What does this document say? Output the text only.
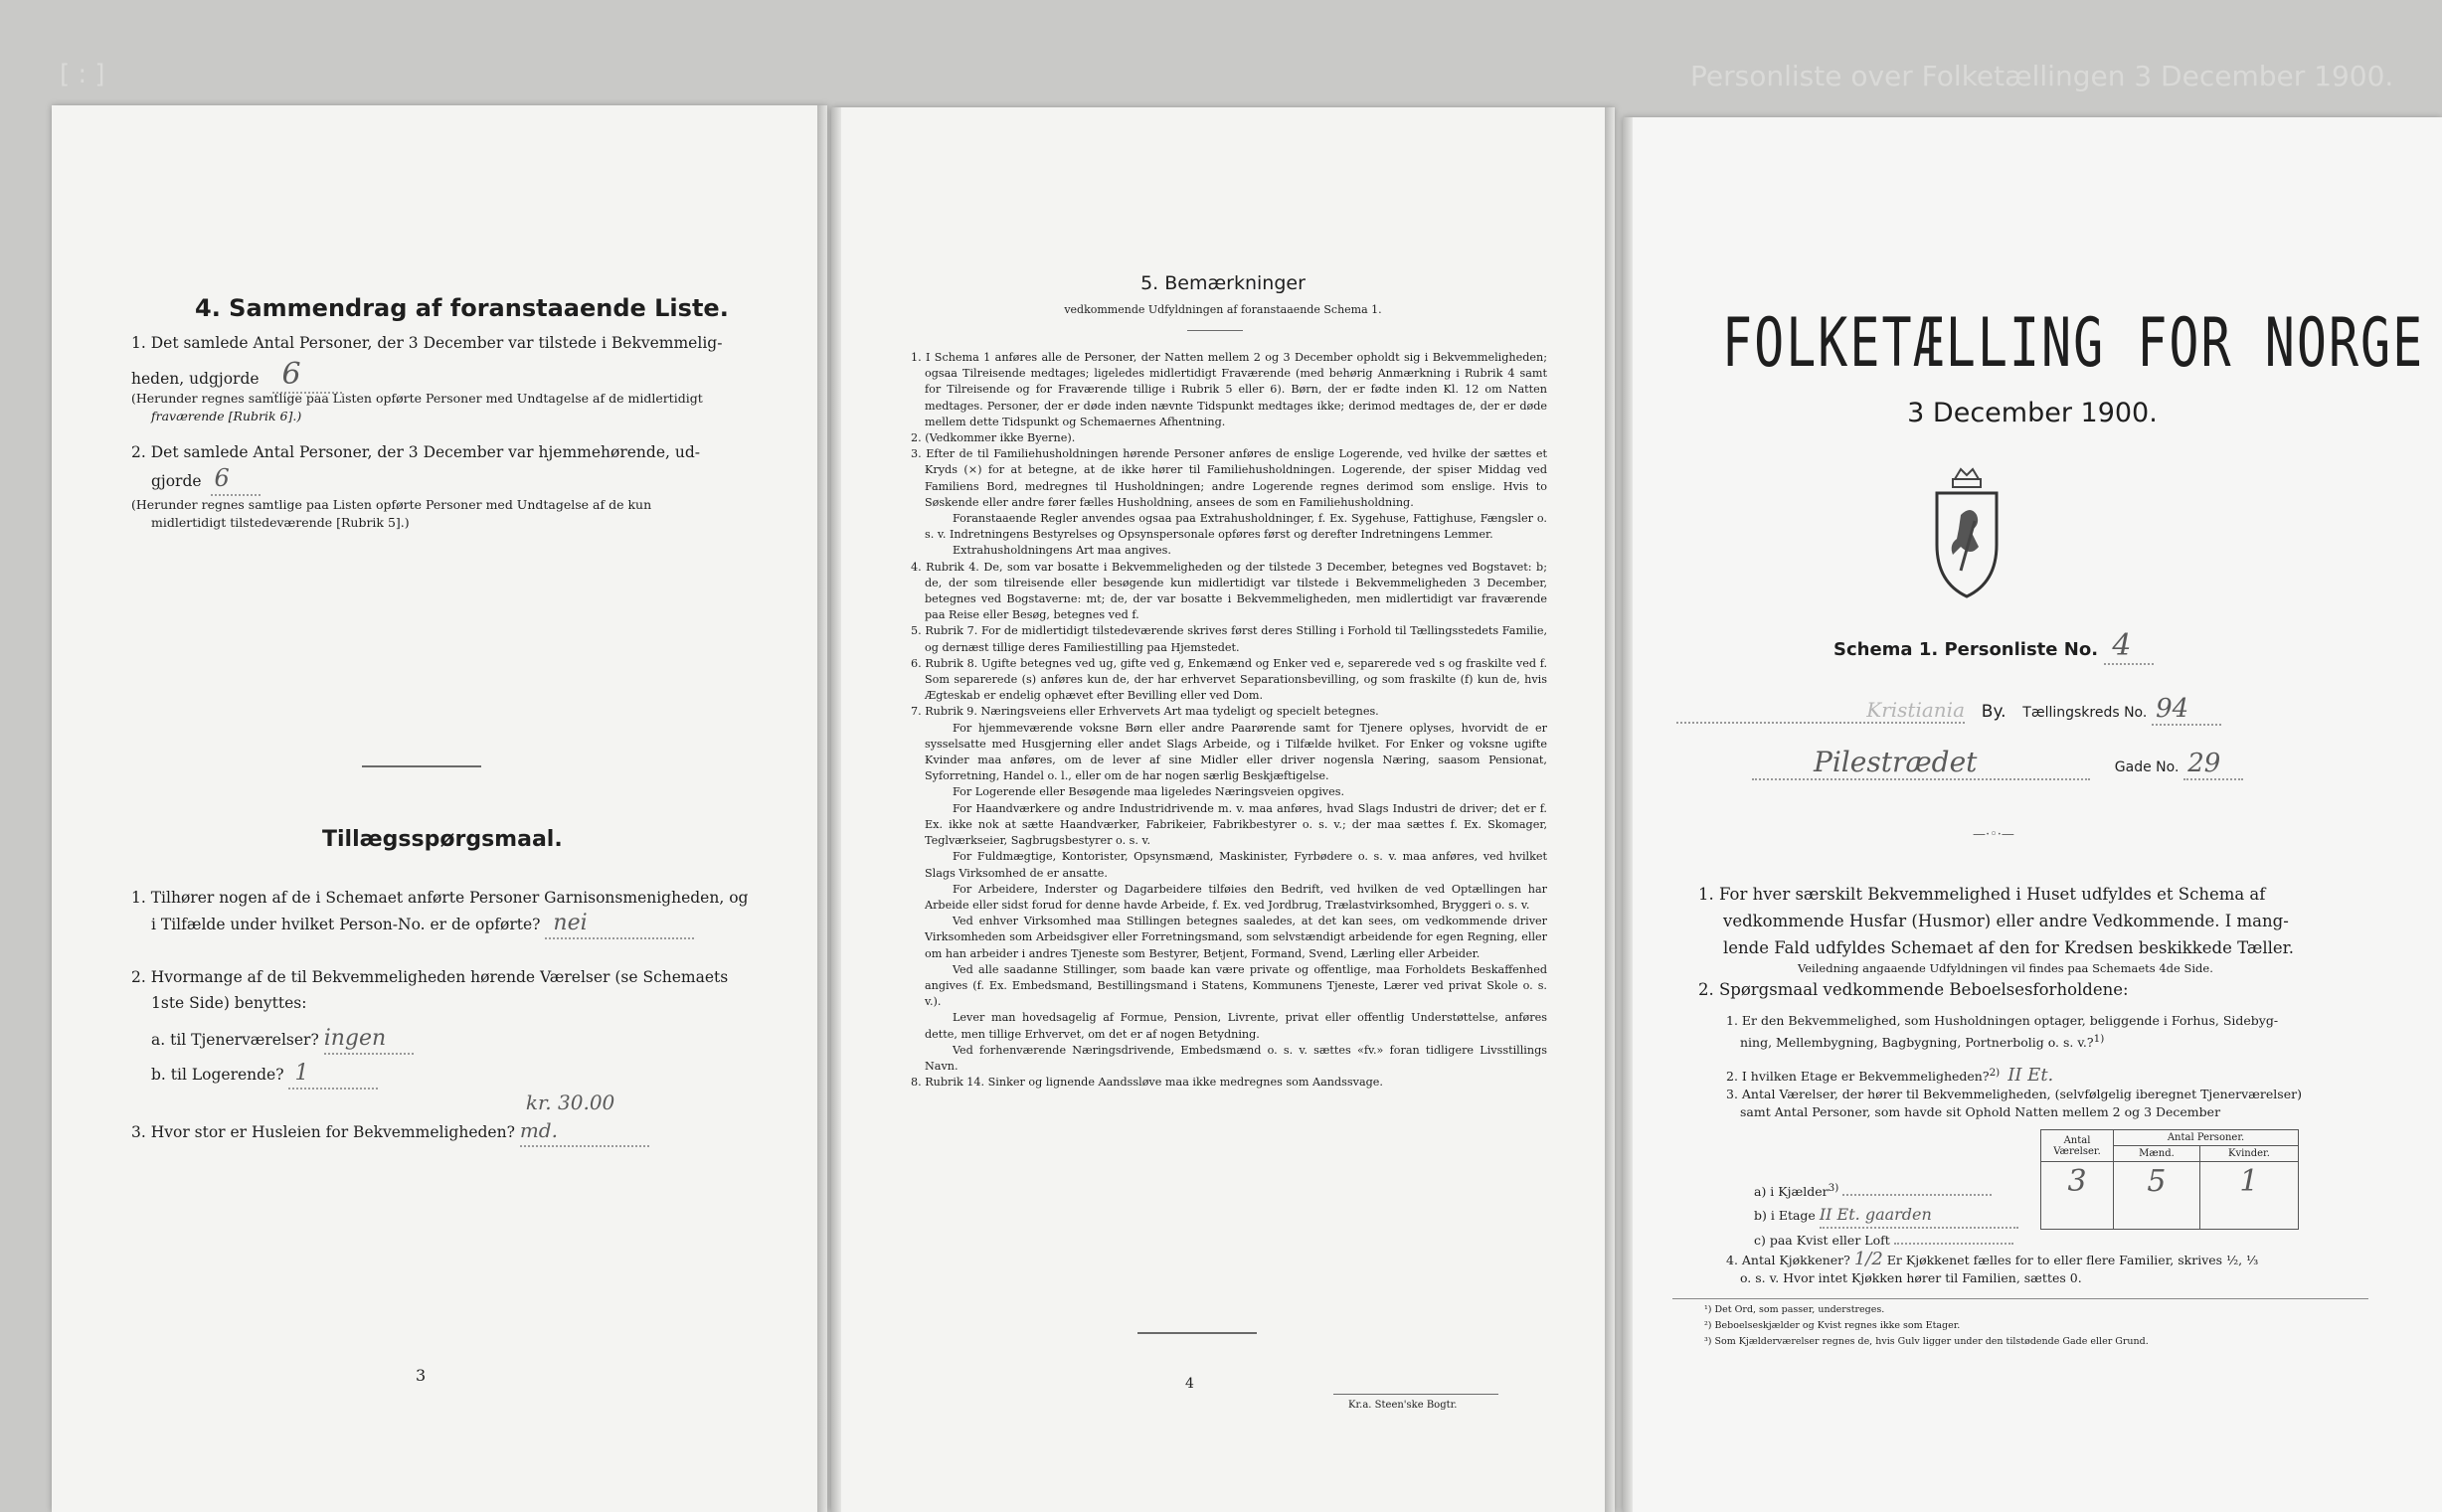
[ : ]	Personliste over Folketællingen 3 December 1900.
4. Sammendrag af foranstaaende Liste.
1. Det samlede Antal Personer, der 3 December var tilstede i Bekvemmelig-
heden, udgjorde 6
(Herunder regnes samtlige paa Listen opførte Personer med Undtagelse af de midlertidigt
fraværende [Rubrik 6].)
2. Det samlede Antal Personer, der 3 December var hjemmehørende, ud-
gjorde 6
(Herunder regnes samtlige paa Listen opførte Personer med Undtagelse af de kun
midlertidigt tilstedeværende [Rubrik 5].)
Tillægsspørgsmaal.
1. Tilhører nogen af de i Schemaet anførte Personer Garnisonsmenigheden, og
i Tilfælde under hvilket Person-No. er de opførte? nei
2. Hvormange af de til Bekvemmeligheden hørende Værelser (se Schemaets
1ste Side) benyttes:
a. til Tjenerværelser? ingen
b. til Logerende? 1
3. Hvor stor er Husleien for Bekvemmeligheden? kr. 30.00 md.
3
5. Bemærkninger
vedkommende Udfyldningen af foranstaaende Schema 1.

1. I Schema 1 anføres alle de Personer, der Natten mellem 2 og 3 December opholdt sig i Bekvemmeligheden; ogsaa Tilreisende medtages; ligeledes midlertidigt Fraværende (med behørig Anmærkning i Rubrik 4 samt for Tilreisende og for Fraværende tillige i Rubrik 5 eller 6). Børn, der er fødte inden Kl. 12 om Natten medtages. Personer, der er døde inden nævnte Tidspunkt medtages ikke; derimod medtages de, der er døde mellem dette Tidspunkt og Schemaernes Afhentning.

2. (Vedkommer ikke Byerne).

3. Efter de til Familiehusholdningen hørende Personer anføres de enslige Logerende, ved hvilke der sættes et Kryds (×) for at betegne, at de ikke hører til Familiehusholdningen. Logerende, der spiser Middag ved Familiens Bord, medregnes til Husholdningen; andre Logerende regnes derimod som enslige. Hvis to Søskende eller andre fører fælles Husholdning, ansees de som en Familiehusholdning.

Foranstaaende Regler anvendes ogsaa paa Extrahusholdninger, f. Ex. Sygehuse, Fattighuse, Fængsler o. s. v. Indretningens Bestyrelses og Opsynspersonale opføres først og derefter Indretningens Lemmer.

Extrahusholdningens Art maa angives.

4. Rubrik 4. De, som var bosatte i Bekvemmeligheden og der tilstede 3 December, betegnes ved Bogstavet: b; de, der som tilreisende eller besøgende kun midlertidigt var tilstede i Bekvemmeligheden 3 December, betegnes ved Bogstaverne: mt; de, der var bosatte i Bekvemmeligheden, men midlertidigt var fraværende paa Reise eller Besøg, betegnes ved f.

5. Rubrik 7. For de midlertidigt tilstedeværende skrives først deres Stilling i Forhold til Tællingsstedets Familie, og dernæst tillige deres Familiestilling paa Hjemstedet.

6. Rubrik 8. Ugifte betegnes ved ug, gifte ved g, Enkemænd og Enker ved e, separerede ved s og fraskilte ved f. Som separerede (s) anføres kun de, der har erhvervet Separationsbevilling, og som fraskilte (f) kun de, hvis Ægteskab er endelig ophævet efter Bevilling eller ved Dom.

7. Rubrik 9. Næringsveiens eller Erhvervets Art maa tydeligt og specielt betegnes.

For hjemmeværende voksne Børn eller andre Paarørende samt for Tjenere oplyses, hvorvidt de er sysselsatte med Husgjerning eller andet Slags Arbeide, og i Tilfælde hvilket. For Enker og voksne ugifte Kvinder maa anføres, om de lever af sine Midler eller driver nogensla Næring, saasom Pensionat, Syforretning, Handel o. l., eller om de har nogen særlig Beskjæftigelse.

For Logerende eller Besøgende maa ligeledes Næringsveien opgives.

For Haandværkere og andre Industridrivende m. v. maa anføres, hvad Slags Industri de driver; det er f. Ex. ikke nok at sætte Haandværker, Fabrikeier, Fabrikbestyrer o. s. v.; der maa sættes f. Ex. Skomager, Teglværkseier, Sagbrugsbestyrer o. s. v.

For Fuldmægtige, Kontorister, Opsynsmænd, Maskinister, Fyrbødere o. s. v. maa anføres, ved hvilket Slags Virksomhed de er ansatte.

For Arbeidere, Inderster og Dagarbeidere tilføies den Bedrift, ved hvilken de ved Optællingen har Arbeide eller sidst forud for denne havde Arbeide, f. Ex. ved Jordbrug, Trælastvirksomhed, Bryggeri o. s. v.

Ved enhver Virksomhed maa Stillingen betegnes saaledes, at det kan sees, om vedkommende driver Virksomheden som Arbeidsgiver eller Forretningsmand, som selvstændigt arbeidende for egen Regning, eller om han arbeider i andres Tjeneste som Bestyrer, Betjent, Formand, Svend, Lærling eller Arbeider.

Ved alle saadanne Stillinger, som baade kan være private og offentlige, maa Forholdets Beskaffenhed angives (f. Ex. Embedsmand, Bestillingsmand i Statens, Kommunens Tjeneste, Lærer ved privat Skole o. s. v.).

Lever man hovedsagelig af Formue, Pension, Livrente, privat eller offentlig Understøttelse, anføres dette, men tillige Erhvervet, om det er af nogen Betydning.

Ved forhenværende Næringsdrivende, Embedsmænd o. s. v. sættes «fv.» foran tidligere Livsstillings Navn.

8. Rubrik 14. Sinker og lignende Aandssløve maa ikke medregnes som Aandssvage.

4
Kr.a. Steen'ske Bogtr.
FOLKETÆLLING FOR NORGE
3 December 1900.
Schema 1. Personliste No. 4
Kristiania By. Tællingskreds No. 94
Pilestrædet	Gade No. 29
—·◦·—
1. For hver særskilt Bekvemmelighed i Huset udfyldes et Schema af
vedkommende Husfar (Husmor) eller andre Vedkommende. I mang-
lende Fald udfyldes Schemaet af den for Kredsen beskikkede Tæller.
Veiledning angaaende Udfyldningen vil findes paa Schemaets 4de Side.
2. Spørgsmaal vedkommende Beboelsesforholdene:
1. Er den Bekvemmelighed, som Husholdningen optager, beliggende i Forhus, Sidebyg-
ning, Mellembygning, Bagbygning, Portnerbolig o. s. v.?$^{1)}$
2. I hvilken Etage er Bekvemmeligheden?$^{2)}$ II Et.
3. Antal Værelser, der hører til Bekvemmeligheden, (selvfølgelig iberegnet Tjenerværelser)
samt Antal Personer, som havde sit Ophold Natten mellem 2 og 3 December
Antal Værelser.	Antal Personer.	
	Mænd.	Kvinder.
3	5	1
a) i Kjælder$^{3)}$
b) i Etage II Et. gaarden
c) paa Kvist eller Loft
4. Antal Kjøkkener? 1/2 Er Kjøkkenet fælles for to eller flere Familier, skrives ½, ⅓
o. s. v. Hvor intet Kjøkken hører til Familien, sættes 0.
¹) Det Ord, som passer, understreges.
²) Beboelseskjælder og Kvist regnes ikke som Etager.
³) Som Kjælderværelser regnes de, hvis Gulv ligger under den tilstødende Gade eller Grund.
